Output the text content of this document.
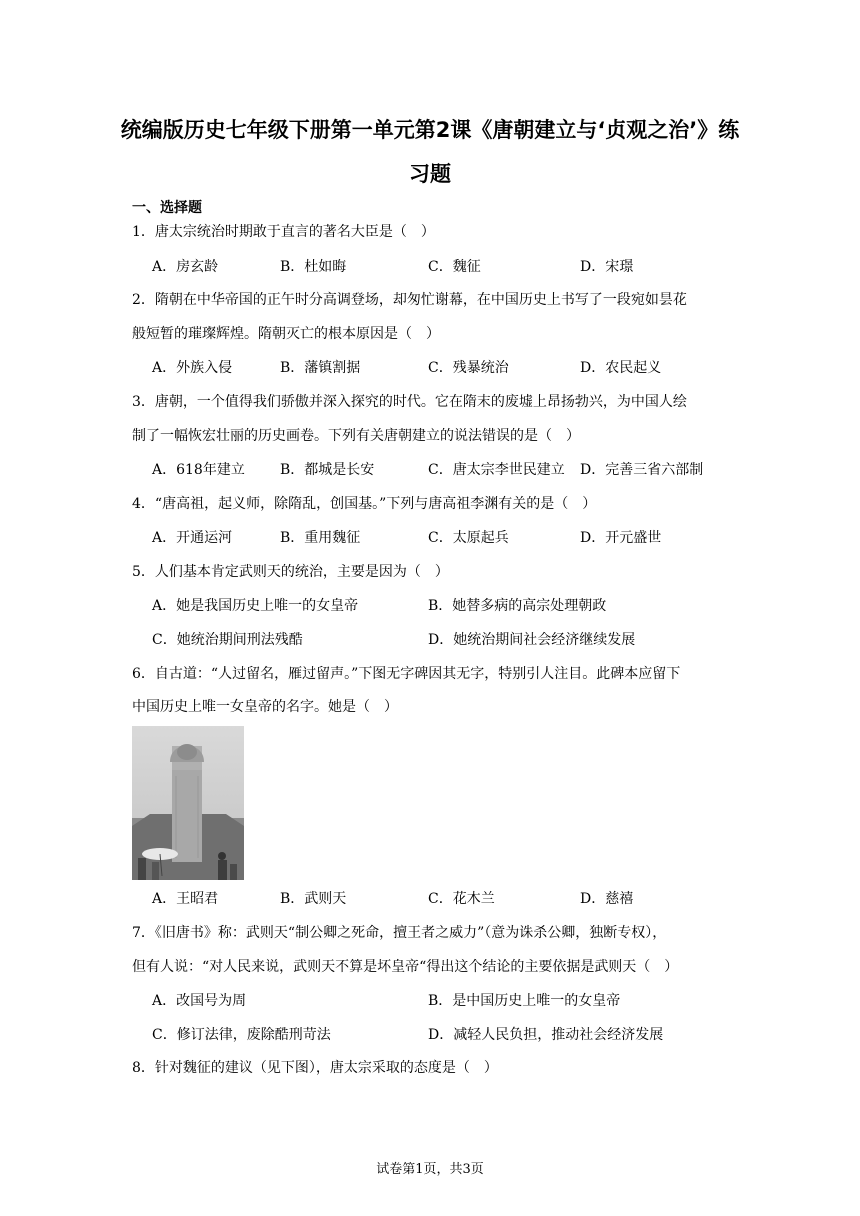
统编版历史七年级下册第一单元第2课《唐朝建立与‘贞观之治’》练
习题
一、选择题
1．唐太宗统治时期敢于直言的著名大臣是（　）
A．房玄龄	B．杜如晦	C．魏征	D．宋璟
2．隋朝在中华帝国的正午时分高调登场，却匆忙谢幕，在中国历史上书写了一段宛如昙花
般短暂的璀璨辉煌。隋朝灭亡的根本原因是（　）
A．外族入侵	B．藩镇割据	C．残暴统治	D．农民起义
3．唐朝，一个值得我们骄傲并深入探究的时代。它在隋末的废墟上昂扬勃兴，为中国人绘
制了一幅恢宏壮丽的历史画卷。下列有关唐朝建立的说法错误的是（　）
A．618年建立	B．都城是长安	C．唐太宗李世民建立 D．完善三省六部制
4．“唐高祖，起义师，除隋乱，创国基。”下列与唐高祖李渊有关的是（　）
A．开通运河	B．重用魏征	C．太原起兵	D．开元盛世
5．人们基本肯定武则天的统治，主要是因为（　）
A．她是我国历史上唯一的女皇帝	B．她替多病的高宗处理朝政
C．她统治期间刑法残酷	D．她统治期间社会经济继续发展
6．自古道：“人过留名，雁过留声。”下图无字碑因其无字，特别引人注目。此碑本应留下
中国历史上唯一女皇帝的名字。她是（　）
A．王昭君	B．武则天	C．花木兰	D．慈禧
7．《旧唐书》称：武则天“制公卿之死命，擅王者之威力”（意为诛杀公卿，独断专权），
但有人说：“对人民来说，武则天不算是坏皇帝“得出这个结论的主要依据是武则天（　）
A．改国号为周	B．是中国历史上唯一的女皇帝
C．修订法律，废除酷刑苛法	D．减轻人民负担，推动社会经济发展
8．针对魏征的建议（见下图），唐太宗采取的态度是（　）
试卷第1页，共3页
